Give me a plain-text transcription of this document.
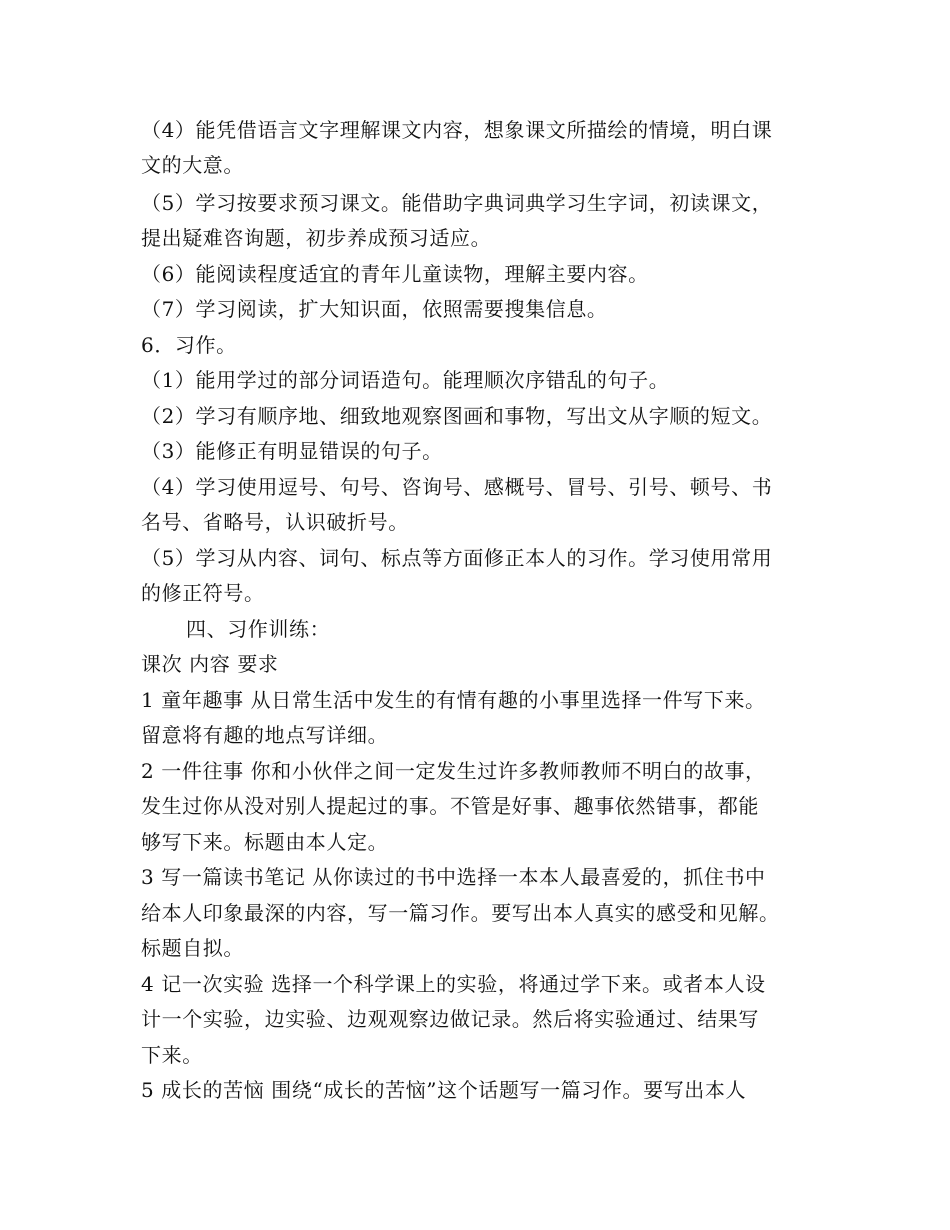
（4）能凭借语言文字理解课文内容，想象课文所描绘的情境，明白课
文的大意。
（5）学习按要求预习课文。能借助字典词典学习生字词，初读课文，
提出疑难咨询题，初步养成预习适应。
（6）能阅读程度适宜的青年儿童读物，理解主要内容。
（7）学习阅读，扩大知识面，依照需要搜集信息。
6．习作。
（1）能用学过的部分词语造句。能理顺次序错乱的句子。
（2）学习有顺序地、细致地观察图画和事物，写出文从字顺的短文。
（3）能修正有明显错误的句子。
（4）学习使用逗号、句号、咨询号、感概号、冒号、引号、顿号、书
名号、省略号，认识破折号。
（5）学习从内容、词句、标点等方面修正本人的习作。学习使用常用
的修正符号。
四、习作训练：
课次 内容 要求
1 童年趣事 从日常生活中发生的有情有趣的小事里选择一件写下来。
留意将有趣的地点写详细。
2 一件往事 你和小伙伴之间一定发生过许多教师教师不明白的故事，
发生过你从没对别人提起过的事。不管是好事、趣事依然错事，都能
够写下来。标题由本人定。
3 写一篇读书笔记 从你读过的书中选择一本本人最喜爱的，抓住书中
给本人印象最深的内容，写一篇习作。要写出本人真实的感受和见解。
标题自拟。
4 记一次实验 选择一个科学课上的实验，将通过学下来。或者本人设
计一个实验，边实验、边观观察边做记录。然后将实验通过、结果写
下来。
5 成长的苦恼 围绕“成长的苦恼”这个话题写一篇习作。要写出本人
